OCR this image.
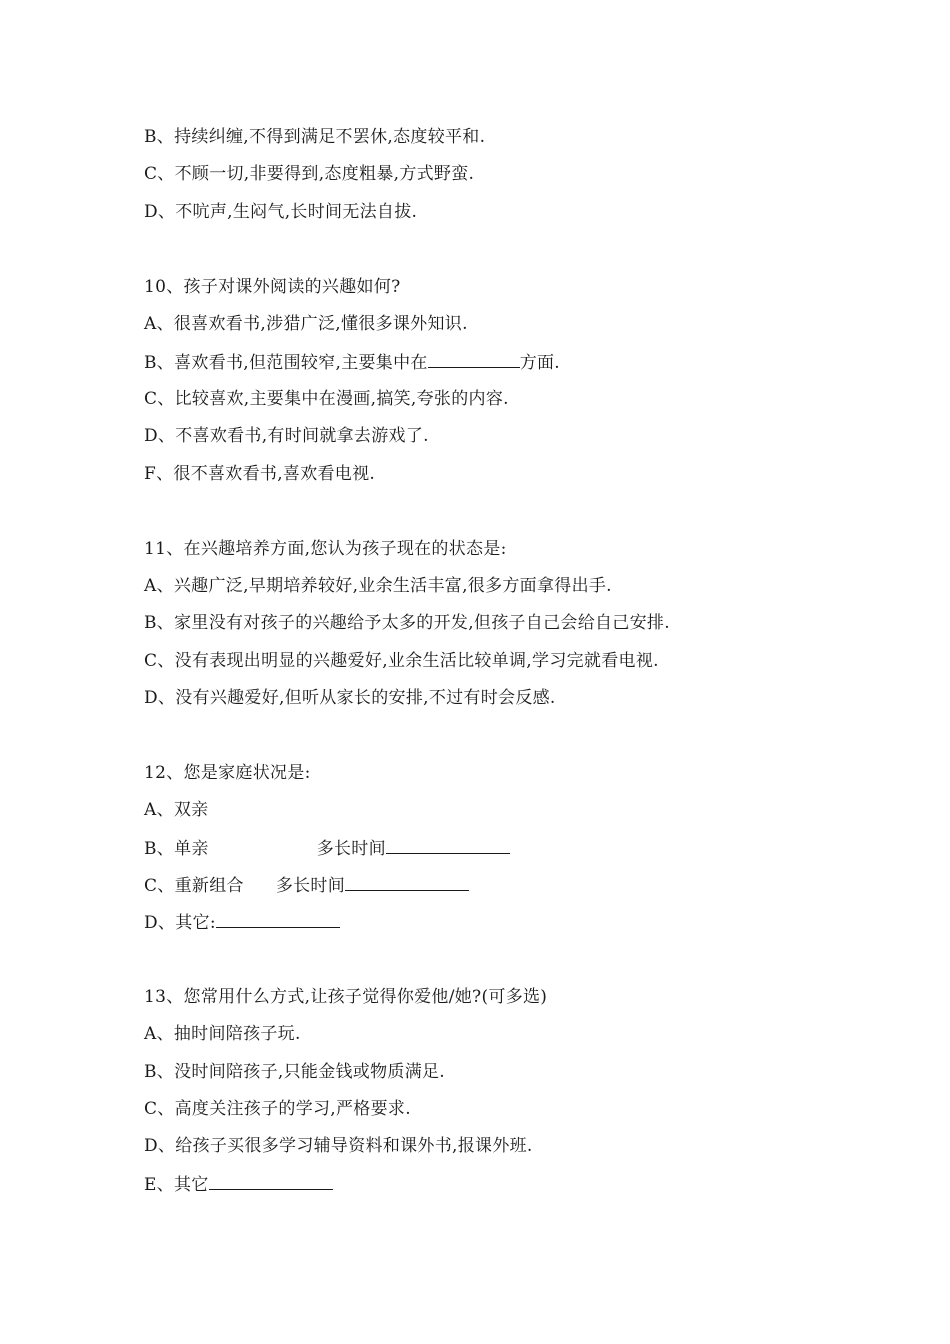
B、持续纠缠,不得到满足不罢休,态度较平和.
C、不顾一切,非要得到,态度粗暴,方式野蛮.
D、不吭声,生闷气,长时间无法自拔.
10、孩子对课外阅读的兴趣如何?
A、很喜欢看书,涉猎广泛,懂很多课外知识.
B、喜欢看书,但范围较窄,主要集中在	方面.
C、比较喜欢,主要集中在漫画,搞笑,夸张的内容.
D、不喜欢看书,有时间就拿去游戏了.
F、很不喜欢看书,喜欢看电视.
11、在兴趣培养方面,您认为孩子现在的状态是:
A、兴趣广泛,早期培养较好,业余生活丰富,很多方面拿得出手.
B、家里没有对孩子的兴趣给予太多的开发,但孩子自己会给自己安排.
C、没有表现出明显的兴趣爱好,业余生活比较单调,学习完就看电视.
D、没有兴趣爱好,但听从家长的安排,不过有时会反感.
12、您是家庭状况是:
A、双亲
B、单亲	多长时间
C、重新组合 多长时间
D、其它:
13、您常用什么方式,让孩子觉得你爱他/她?(可多选)
A、抽时间陪孩子玩.
B、没时间陪孩子,只能金钱或物质满足.
C、高度关注孩子的学习,严格要求.
D、给孩子买很多学习辅导资料和课外书,报课外班.
E、其它
